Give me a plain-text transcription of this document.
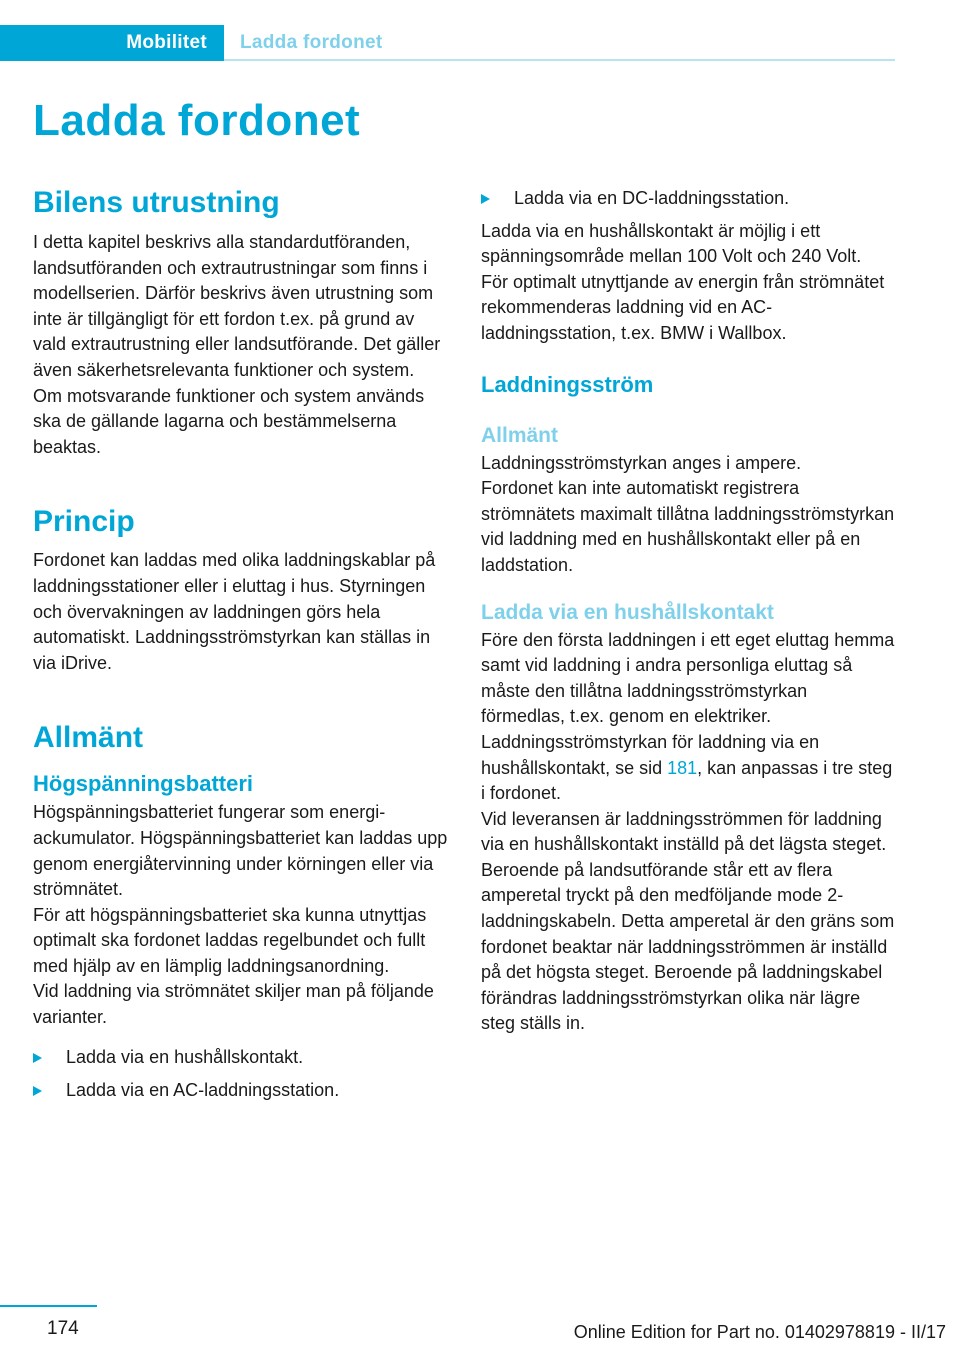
Mobilitet Ladda fordonet
Ladda fordonet
Bilens utrustning

I detta kapitel beskrivs alla standardutföranden, landsutföranden och extrautrustningar som finns i modellserien. Därför beskrivs även utrustning som inte är tillgängligt för ett fordon t.ex. på grund av vald extrautrustning eller landsutförande. Det gäller även säkerhetsrelevanta funktioner och system. Om motsvarande funktioner och system används ska de gällande lagarna och bestämmelserna beaktas.

Princip

Fordonet kan laddas med olika laddningskablar på laddningsstationer eller i eluttag i hus. Styrningen och övervakningen av laddningen görs hela automatiskt. Laddningsströmstyrkan kan ställas in via iDrive.

Allmänt
Högspänningsbatteri

Högspänningsbatteriet fungerar som energiackumulator. Högspänningsbatteriet kan laddas upp genom energiåtervinning under körningen eller via strömnätet.

För att högspänningsbatteriet ska kunna utnyttjas optimalt ska fordonet laddas regelbundet och fullt med hjälp av en lämplig laddningsanordning.

Vid laddning via strömnätet skiljer man på följande varianter.

Ladda via en hushållskontakt.
Ladda via en AC-laddningsstation.
Ladda via en DC-laddningsstation.

Ladda via en hushållskontakt är möjlig i ett spänningsområde mellan 100 Volt och 240 Volt.

För optimalt utnyttjande av energin från strömnätet rekommenderas laddning vid en AC-laddningsstation, t.ex. BMW i Wallbox.

Laddningsström
Allmänt

Laddningsströmstyrkan anges i ampere.

Fordonet kan inte automatiskt registrera strömnätets maximalt tillåtna laddningsströmstyrkan vid laddning med en hushållskontakt eller på en laddstation.

Ladda via en hushållskontakt

Före den första laddningen i ett eget eluttag hemma samt vid laddning i andra personliga eluttag så måste den tillåtna laddningsströmstyrkan förmedlas, t.ex. genom en elektriker.

Laddningsströmstyrkan för laddning via en hushållskontakt, se sid 181, kan anpassas i tre steg i fordonet.

Vid leveransen är laddningsströmmen för laddning via en hushållskontakt inställd på det lägsta steget.

Beroende på landsutförande står ett av flera amperetal tryckt på den medföljande mode 2-laddningskabeln. Detta amperetal är den gräns som fordonet beaktar när laddningsströmmen är inställd på det högsta steget. Beroende på laddningskabel förändras laddningsströmstyrkan olika när lägre steg ställs in.

174	Online Edition for Part no. 01402978819 - II/17
